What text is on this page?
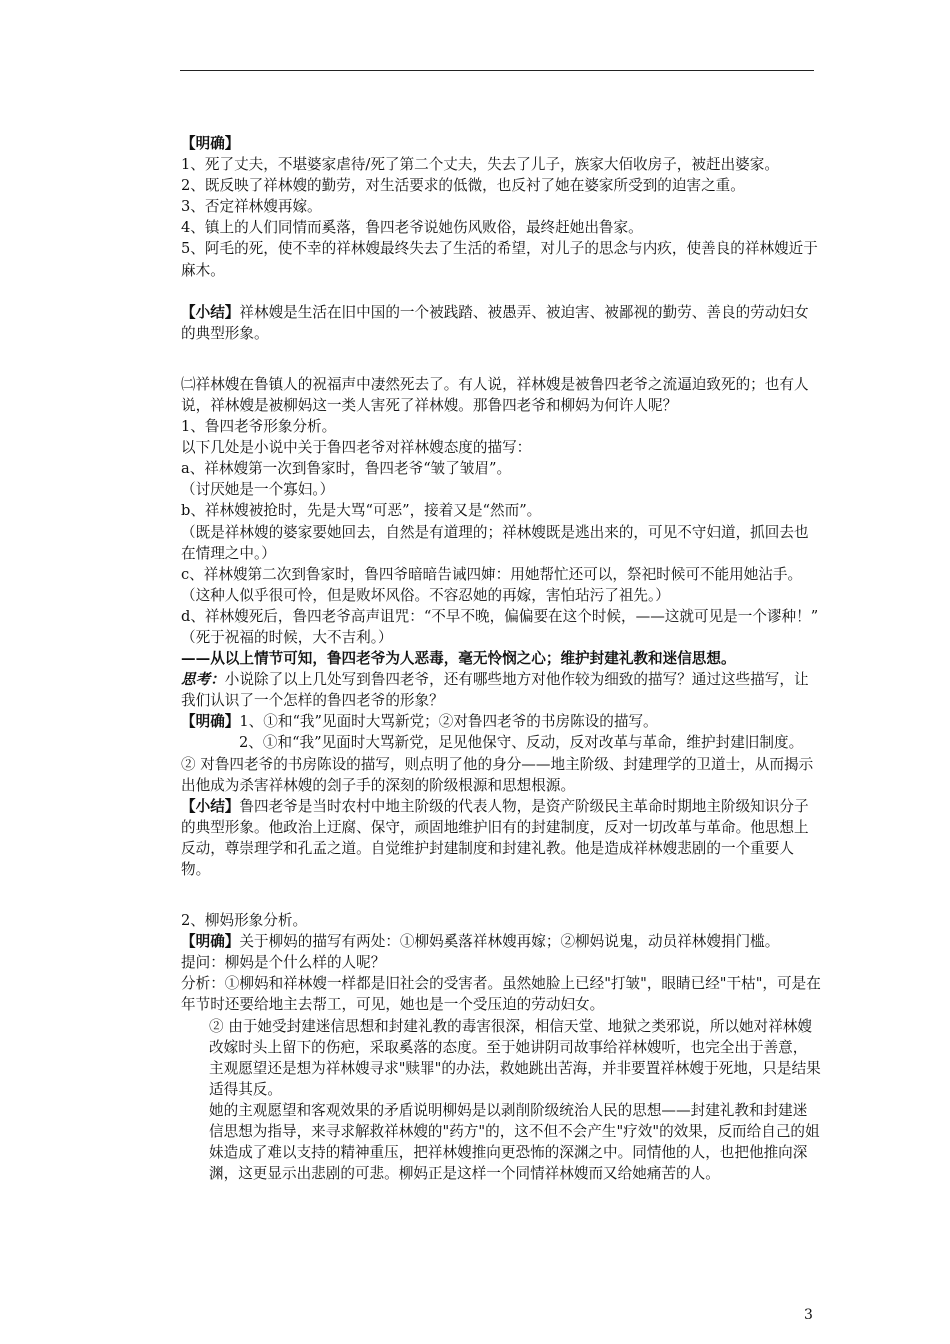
【明确】

1、死了丈夫，不堪婆家虐待/死了第二个丈夫，失去了儿子，族家大佰收房子，被赶出婆家。

2、既反映了祥林嫂的勤劳，对生活要求的低微，也反衬了她在婆家所受到的迫害之重。

3、否定祥林嫂再嫁。

4、镇上的人们同情而奚落，鲁四老爷说她伤风败俗，最终赶她出鲁家。

5、阿毛的死，使不幸的祥林嫂最终失去了生活的希望，对儿子的思念与内疚，使善良的祥林嫂近于麻木。

【小结】祥林嫂是生活在旧中国的一个被践踏、被愚弄、被迫害、被鄙视的勤劳、善良的劳动妇女的典型形象。

㈡祥林嫂在鲁镇人的祝福声中凄然死去了。有人说，祥林嫂是被鲁四老爷之流逼迫致死的；也有人说，祥林嫂是被柳妈这一类人害死了祥林嫂。那鲁四老爷和柳妈为何许人呢？

1、鲁四老爷形象分析。

以下几处是小说中关于鲁四老爷对祥林嫂态度的描写：

a、祥林嫂第一次到鲁家时，鲁四老爷“皱了皱眉”。

（讨厌她是一个寡妇。）

b、祥林嫂被抢时，先是大骂“可恶”，接着又是“然而”。

（既是祥林嫂的婆家要她回去，自然是有道理的；祥林嫂既是逃出来的，可见不守妇道，抓回去也在情理之中。）

c、祥林嫂第二次到鲁家时，鲁四爷暗暗告诫四婶：用她帮忙还可以，祭祀时候可不能用她沾手。

（这种人似乎很可怜，但是败坏风俗。不容忍她的再嫁，害怕玷污了祖先。）

d、祥林嫂死后，鲁四老爷高声诅咒：“不早不晚，偏偏要在这个时候，——这就可见是一个谬种！”

（死于祝福的时候，大不吉利。）

——从以上情节可知，鲁四老爷为人恶毒，毫无怜悯之心；维护封建礼教和迷信思想。

思考：小说除了以上几处写到鲁四老爷，还有哪些地方对他作较为细致的描写？通过这些描写，让我们认识了一个怎样的鲁四老爷的形象？

【明确】1、①和“我”见面时大骂新党；②对鲁四老爷的书房陈设的描写。

2、①和“我”见面时大骂新党，足见他保守、反动，反对改革与革命，维护封建旧制度。

② 对鲁四老爷的书房陈设的描写，则点明了他的身分——地主阶级、封建理学的卫道士，从而揭示出他成为杀害祥林嫂的刽子手的深刻的阶级根源和思想根源。

【小结】鲁四老爷是当时农村中地主阶级的代表人物，是资产阶级民主革命时期地主阶级知识分子的典型形象。他政治上迂腐、保守，顽固地维护旧有的封建制度，反对一切改革与革命。他思想上反动，尊崇理学和孔孟之道。自觉维护封建制度和封建礼教。他是造成祥林嫂悲剧的一个重要人物。

2、柳妈形象分析。

【明确】关于柳妈的描写有两处：①柳妈奚落祥林嫂再嫁；②柳妈说鬼，动员祥林嫂捐门槛。

提问：柳妈是个什么样的人呢？

分析：①柳妈和祥林嫂一样都是旧社会的受害者。虽然她脸上已经"打皱"，眼睛已经"干枯"，可是在年节时还要给地主去帮工，可见，她也是一个受压迫的劳动妇女。

② 由于她受封建迷信思想和封建礼教的毒害很深，相信天堂、地狱之类邪说，所以她对祥林嫂改嫁时头上留下的伤疤，采取奚落的态度。至于她讲阴司故事给祥林嫂听，也完全出于善意，主观愿望还是想为祥林嫂寻求"赎罪"的办法，救她跳出苦海，并非要置祥林嫂于死地，只是结果适得其反。

她的主观愿望和客观效果的矛盾说明柳妈是以剥削阶级统治人民的思想——封建礼教和封建迷信思想为指导，来寻求解救祥林嫂的"药方"的，这不但不会产生"疗效"的效果，反而给自己的姐妹造成了难以支持的精神重压，把祥林嫂推向更恐怖的深渊之中。同情他的人，也把他推向深渊，这更显示出悲剧的可悲。柳妈正是这样一个同情祥林嫂而又给她痛苦的人。

3
